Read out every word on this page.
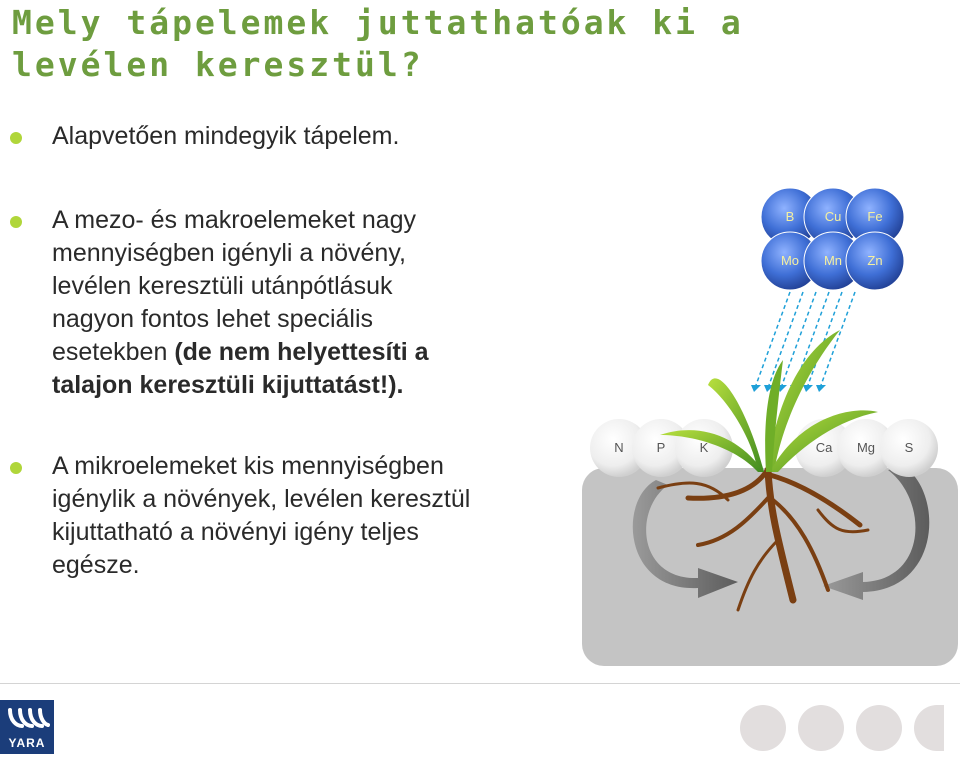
Mely tápelemek juttathatóak ki a levélen keresztül?

Alapvetően mindegyik tápelem.

A mezo- és makroelemeket nagy mennyiségben igényli a növény, levélen keresztüli utánpótlásuk nagyon fontos lehet speciális esetekben (de nem helyettesíti a talajon keresztüli kijuttatást!).

A mikroelemeket kis mennyiségben igénylik a növények, levélen keresztül kijuttatható a növényi igény teljes egésze.

N	P	K	Ca Mg S
B Cu Fe
Mo Mn Zn
YARA
